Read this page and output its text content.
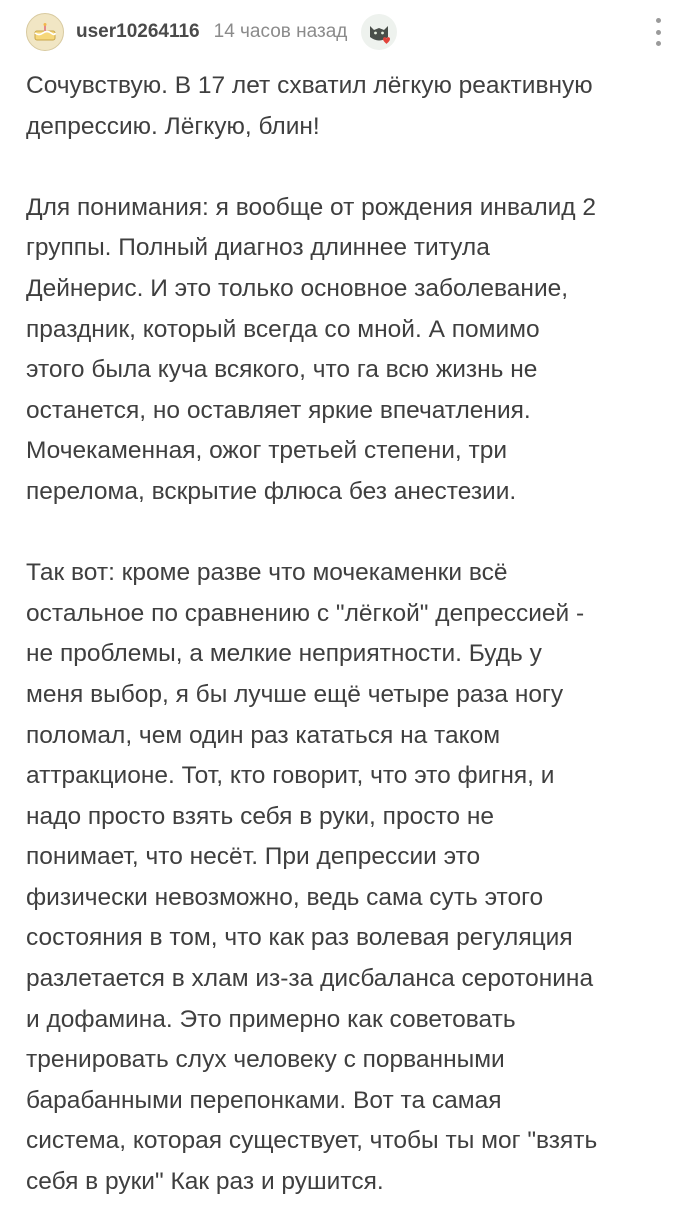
user10264116 14 часов назад

Сочувствую. В 17 лет схватил лёгкую реактивную
депрессию. Лёгкую, блин!

Для понимания: я вообще от рождения инвалид 2
группы. Полный диагноз длиннее титула
Дейнерис. И это только основное заболевание,
праздник, который всегда со мной. А помимо
этого была куча всякого, что га всю жизнь не
останется, но оставляет яркие впечатления.
Мочекаменная, ожог третьей степени, три
перелома, вскрытие флюса без анестезии.

Так вот: кроме разве что мочекаменки всё
остальное по сравнению с "лёгкой" депрессией -
не проблемы, а мелкие неприятности. Будь у
меня выбор, я бы лучше ещё четыре раза ногу
поломал, чем один раз кататься на таком
аттракционе. Тот, кто говорит, что это фигня, и
надо просто взять себя в руки, просто не
понимает, что несёт. При депрессии это
физически невозможно, ведь сама суть этого
состояния в том, что как раз волевая регуляция
разлетается в хлам из-за дисбаланса серотонина
и дофамина. Это примерно как советовать
тренировать слух человеку с порванными
барабанными перепонками. Вот та самая
система, которая существует, чтобы ты мог "взять
себя в руки" Как раз и рушится.
